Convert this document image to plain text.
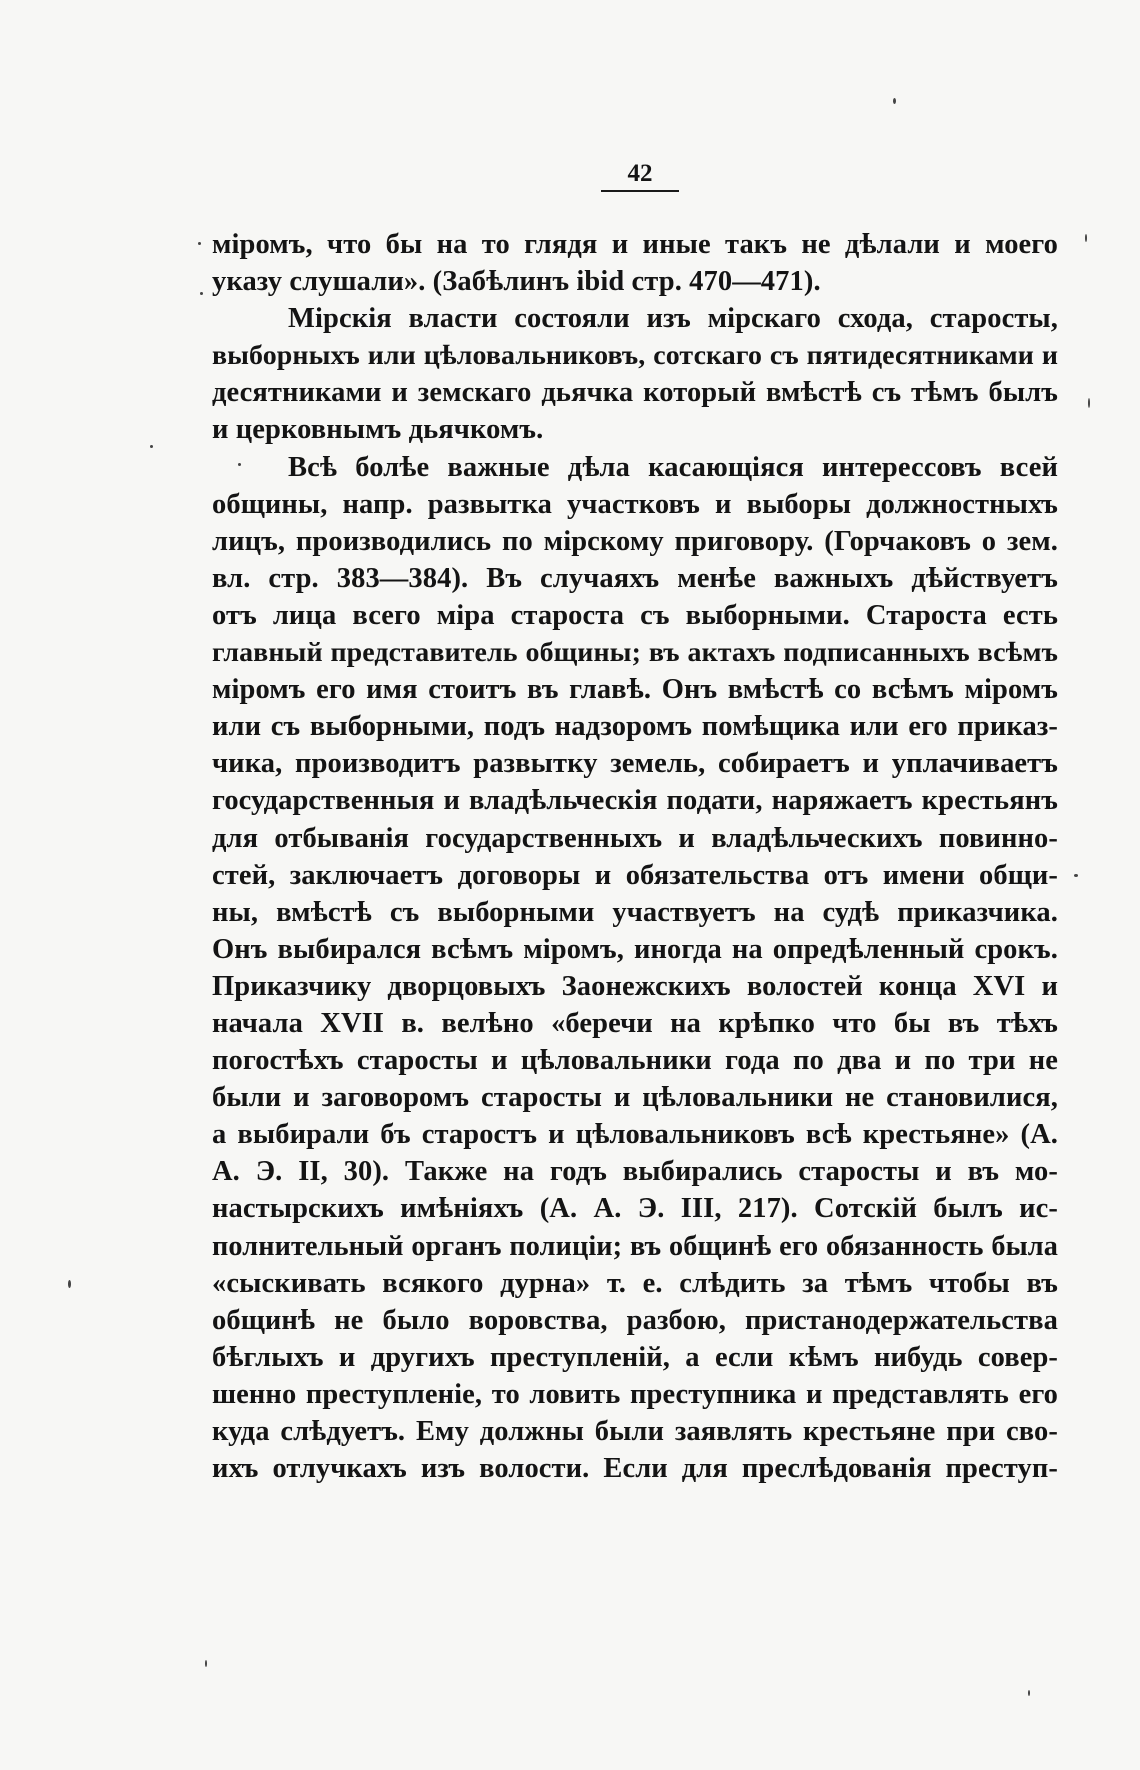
42
міромъ, что бы на то глядя и иные такъ не дѣлали и моего
указу слушали». (Забѣлинъ ibid стр. 470—471).
Мірскія власти состояли изъ мірскаго схода, старосты,
выборныхъ или цѣловальниковъ, сотскаго съ пятидесятниками и
десятниками и земскаго дьячка который вмѣстѣ съ тѣмъ былъ
и церковнымъ дьячкомъ.
Всѣ болѣе важные дѣла касающіяся интерессовъ всей
общины, напр. развытка участковъ и выборы должностныхъ
лицъ, производились по мірскому приговору. (Горчаковъ о зем.
вл. стр. 383—384). Въ случаяхъ менѣе важныхъ дѣйствуетъ
отъ лица всего міра староста съ выборными. Староста есть
главный представитель общины; въ актахъ подписанныхъ всѣмъ
міромъ его имя стоитъ въ главѣ. Онъ вмѣстѣ со всѣмъ міромъ
или съ выборными, подъ надзоромъ помѣщика или его приказ-
чика, производитъ развытку земель, собираетъ и уплачиваетъ
государственныя и владѣльческія подати, наряжаетъ крестьянъ
для отбыванія государственныхъ и владѣльческихъ повинно-
стей, заключаетъ договоры и обязательства отъ имени общи-
ны, вмѣстѣ съ выборными участвуетъ на судѣ приказчика.
Онъ выбирался всѣмъ міромъ, иногда на опредѣленный срокъ.
Приказчику дворцовыхъ Заонежскихъ волостей конца XVI и
начала XVII в. велѣно «беречи на крѣпко что бы въ тѣхъ
погостѣхъ старосты и цѣловальники года по два и по три не
были и заговоромъ старосты и цѣловальники не становилися,
а выбирали бъ старостъ и цѣловальниковъ всѣ крестьяне» (А.
А. Э. II, 30). Также на годъ выбирались старосты и въ мо-
настырскихъ имѣніяхъ (А. А. Э. III, 217). Сотскій былъ ис-
полнительный органъ полиціи; въ общинѣ его обязанность была
«сыскивать всякого дурна» т. е. слѣдить за тѣмъ чтобы въ
общинѣ не было воровства, разбою, пристанодержательства
бѣглыхъ и другихъ преступленій, а если кѣмъ нибудь совер-
шенно преступленіе, то ловить преступника и представлять его
куда слѣдуетъ. Ему должны были заявлять крестьяне при сво-
ихъ отлучкахъ изъ волости. Если для преслѣдованія преступ-
